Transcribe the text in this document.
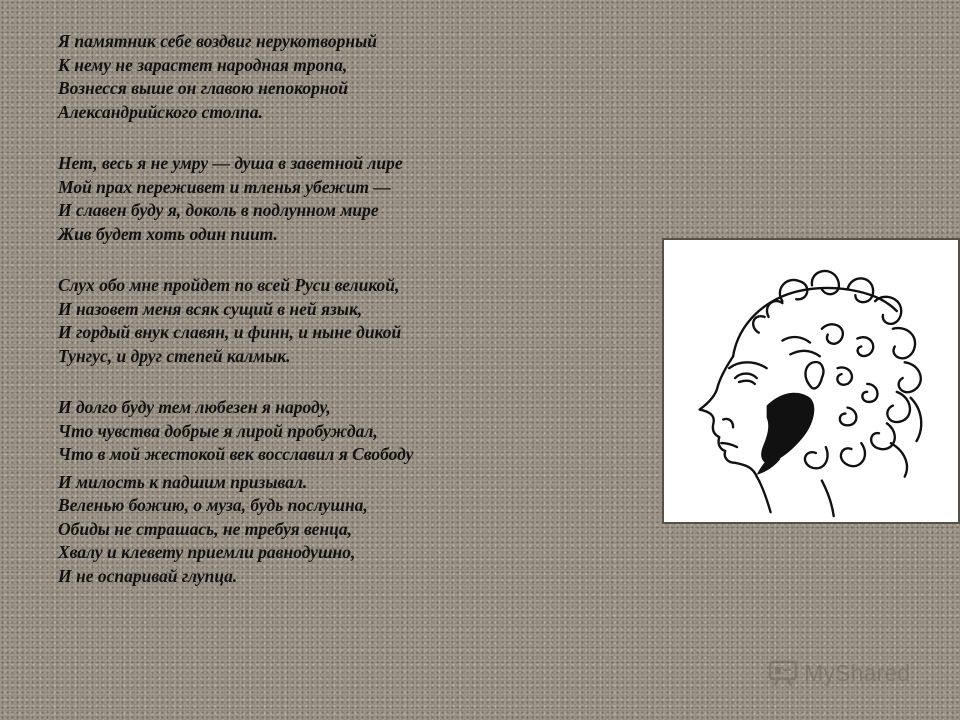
Я памятник себе воздвиг нерукотворный
К нему не зарастет народная тропа,
Вознесся выше он главою непокорной
Александрийского столпа.
Нет, весь я не умру — душа в заветной лире
Мой прах переживет и тленья убежит —
И славен буду я, доколь в подлунном мире
Жив будет хоть один пиит.
Слух обо мне пройдет по всей Руси великой,
И назовет меня всяк сущий в ней язык,
И гордый внук славян, и финн, и ныне дикой
Тунгус, и друг степей калмык.
И долго буду тем любезен я народу,
Что чувства добрые я лирой пробуждал,
Что в мой жестокой век восславил я Свободу
И милость к падшим призывал.
Веленью божию, о муза, будь послушна,
Обиды не страшась, не требуя венца,
Хвалу и клевету приемли равнодушно,
И не оспаривай глупца.
MyShared
